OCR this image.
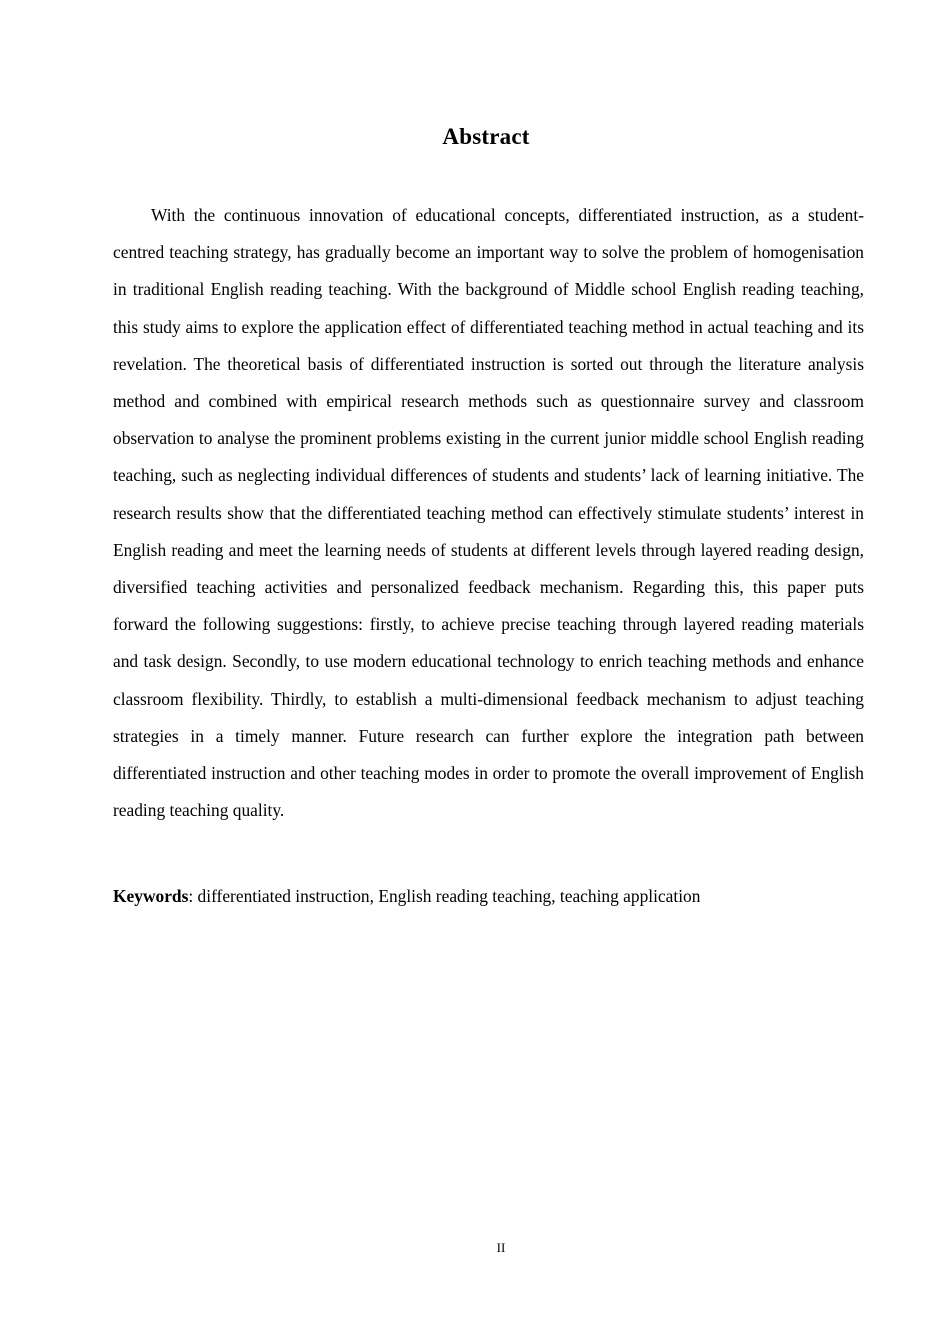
Abstract

With the continuous innovation of educational concepts, differentiated instruction, as a student-centred teaching strategy, has gradually become an important way to solve the problem of homogenisation in traditional English reading teaching. With the background of Middle school English reading teaching, this study aims to explore the application effect of differentiated teaching method in actual teaching and its revelation. The theoretical basis of differentiated instruction is sorted out through the literature analysis method and combined with empirical research methods such as questionnaire survey and classroom observation to analyse the prominent problems existing in the current junior middle school English reading teaching, such as neglecting individual differences of students and students’ lack of learning initiative. The research results show that the differentiated teaching method can effectively stimulate students’ interest in English reading and meet the learning needs of students at different levels through layered reading design, diversified teaching activities and personalized feedback mechanism. Regarding this, this paper puts forward the following suggestions: firstly, to achieve precise teaching through layered reading materials and task design. Secondly, to use modern educational technology to enrich teaching methods and enhance classroom flexibility. Thirdly, to establish a multi-dimensional feedback mechanism to adjust teaching strategies in a timely manner. Future research can further explore the integration path between differentiated instruction and other teaching modes in order to promote the overall improvement of English reading teaching quality.

Keywords: differentiated instruction, English reading teaching, teaching application

II
